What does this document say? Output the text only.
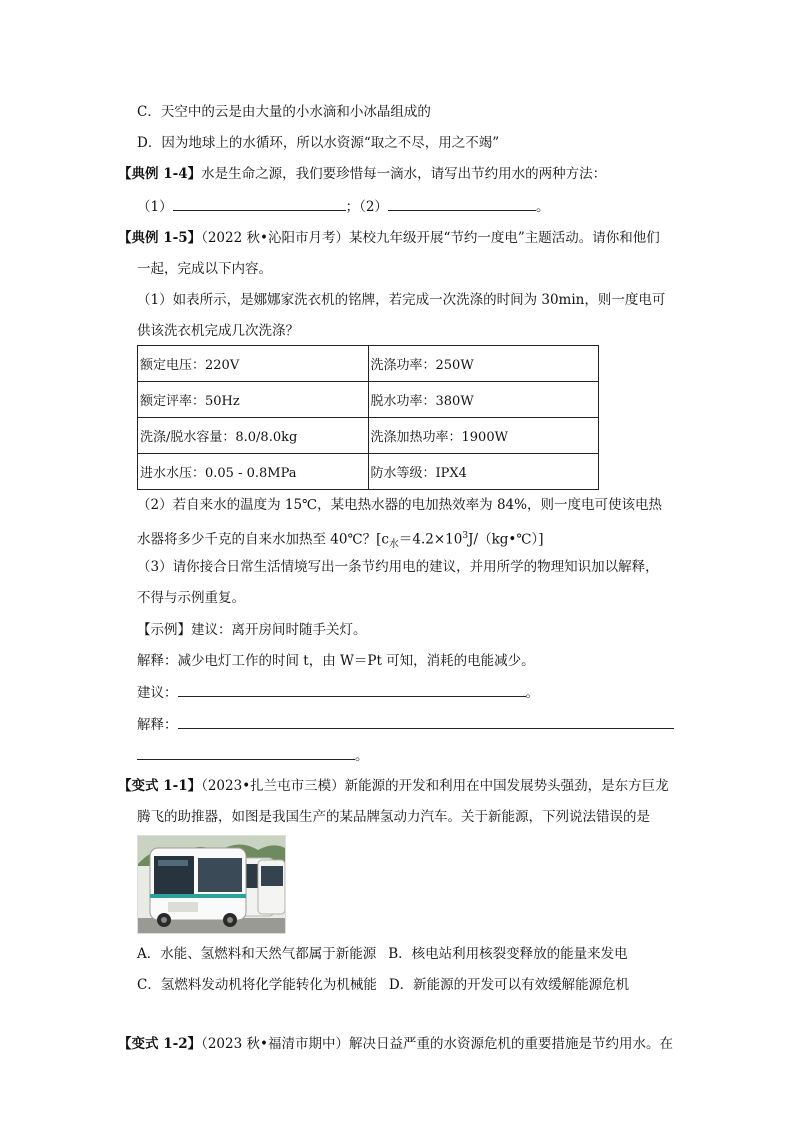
C．天空中的云是由大量的小水滴和小冰晶组成的
D．因为地球上的水循环，所以水资源“取之不尽，用之不竭”
【典例 1-4】水是生命之源，我们要珍惜每一滴水，请写出节约用水的两种方法：
（1）	；（2）	。
【典例 1-5】（2022 秋•沁阳市月考）某校九年级开展“节约一度电”主题活动。请你和他们
一起，完成以下内容。
（1）如表所示，是娜娜家洗衣机的铭牌，若完成一次洗涤的时间为 30min，则一度电可
供该洗衣机完成几次洗涤？
额定电压：220V	洗涤功率：250W
额定评率：50Hz	脱水功率：380W
洗涤/脱水容量：8.0/8.0kg	洗涤加热功率：1900W
进水水压：0.05 - 0.8MPa	防水等级：IPX4
（2）若自来水的温度为 15℃，某电热水器的电加热效率为 84%，则一度电可使该电热
水器将多少千克的自来水加热至 40℃？$[c_水=4.2\times 10^3J/(kg•℃)]$
（3）请你接合日常生活情境写出一条节约用电的建议，并用所学的物理知识加以解释，
不得与示例重复。
【示例】建议：离开房间时随手关灯。
解释：减少电灯工作的时间 t，由 W＝Pt 可知，消耗的电能减少。
建议：	。
解释：
。
【变式 1-1】（2023•扎兰屯市三模）新能源的开发和利用在中国发展势头强劲，是东方巨龙
腾飞的助推器，如图是我国生产的某品牌氢动力汽车。关于新能源，下列说法错误的是
A．水能、氢燃料和天然气都属于新能源 B．核电站利用核裂变释放的能量来发电
C．氢燃料发动机将化学能转化为机械能 D．新能源的开发可以有效缓解能源危机
【变式 1-2】（2023 秋•福清市期中）解决日益严重的水资源危机的重要措施是节约用水。在
